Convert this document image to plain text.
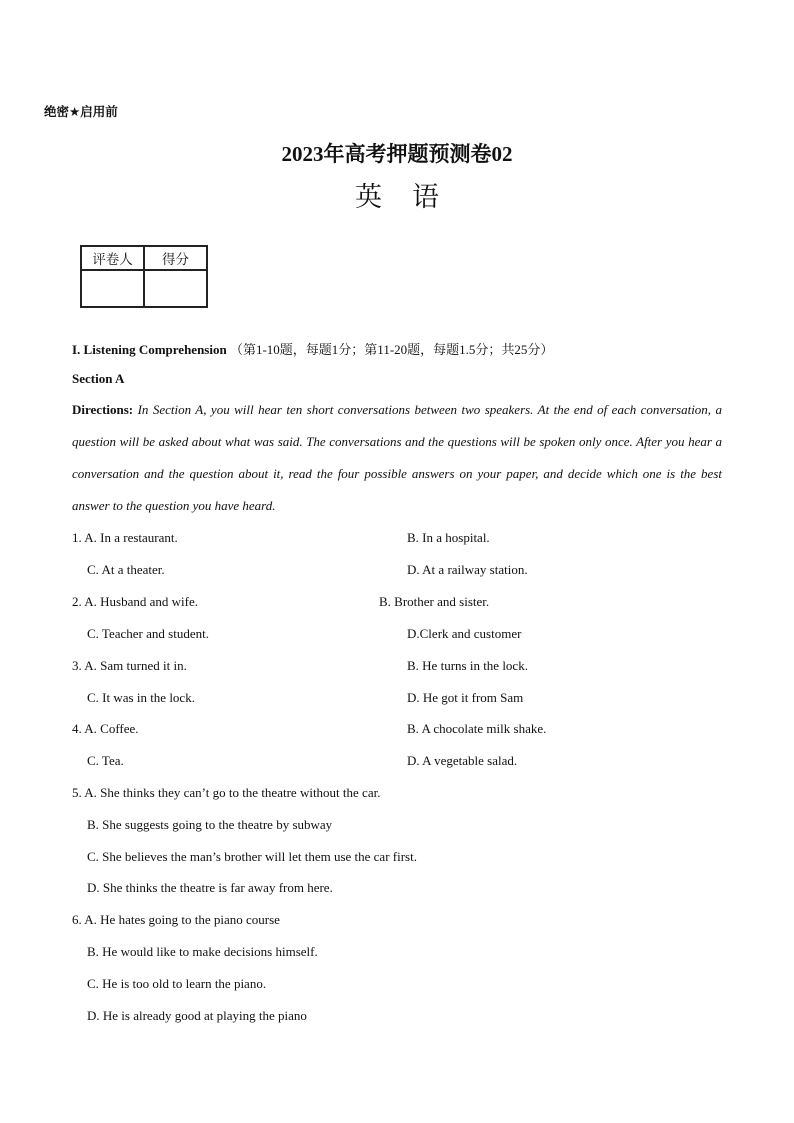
绝密★启用前
2023年高考押题预测卷02
英语
评卷人	得分

I. Listening Comprehension （第1-10题，每题1分；第11-20题，每题1.5分；共25分）
Section A
Directions: In Section A, you will hear ten short conversations between two speakers. At the end of each conversation, a question will be asked about what was said. The conversations and the questions will be spoken only once. After you hear a conversation and the question about it, read the four possible answers on your paper, and decide which one is the best answer to the question you have heard.
1. A. In a restaurant.	B. In a hospital.
C. At a theater.	D. At a railway station.
2. A. Husband and wife.	B. Brother and sister.
C. Teacher and student.	D.Clerk and customer
3. A. Sam turned it in.	B. He turns in the lock.
C. It was in the lock.	D. He got it from Sam
4. A. Coffee.	B. A chocolate milk shake.
C. Tea.	D. A vegetable salad.
5. A. She thinks they can’t go to the theatre without the car.
B. She suggests going to the theatre by subway
C. She believes the man’s brother will let them use the car first.
D. She thinks the theatre is far away from here.
6. A. He hates going to the piano course
B. He would like to make decisions himself.
C. He is too old to learn the piano.
D. He is already good at playing the piano
